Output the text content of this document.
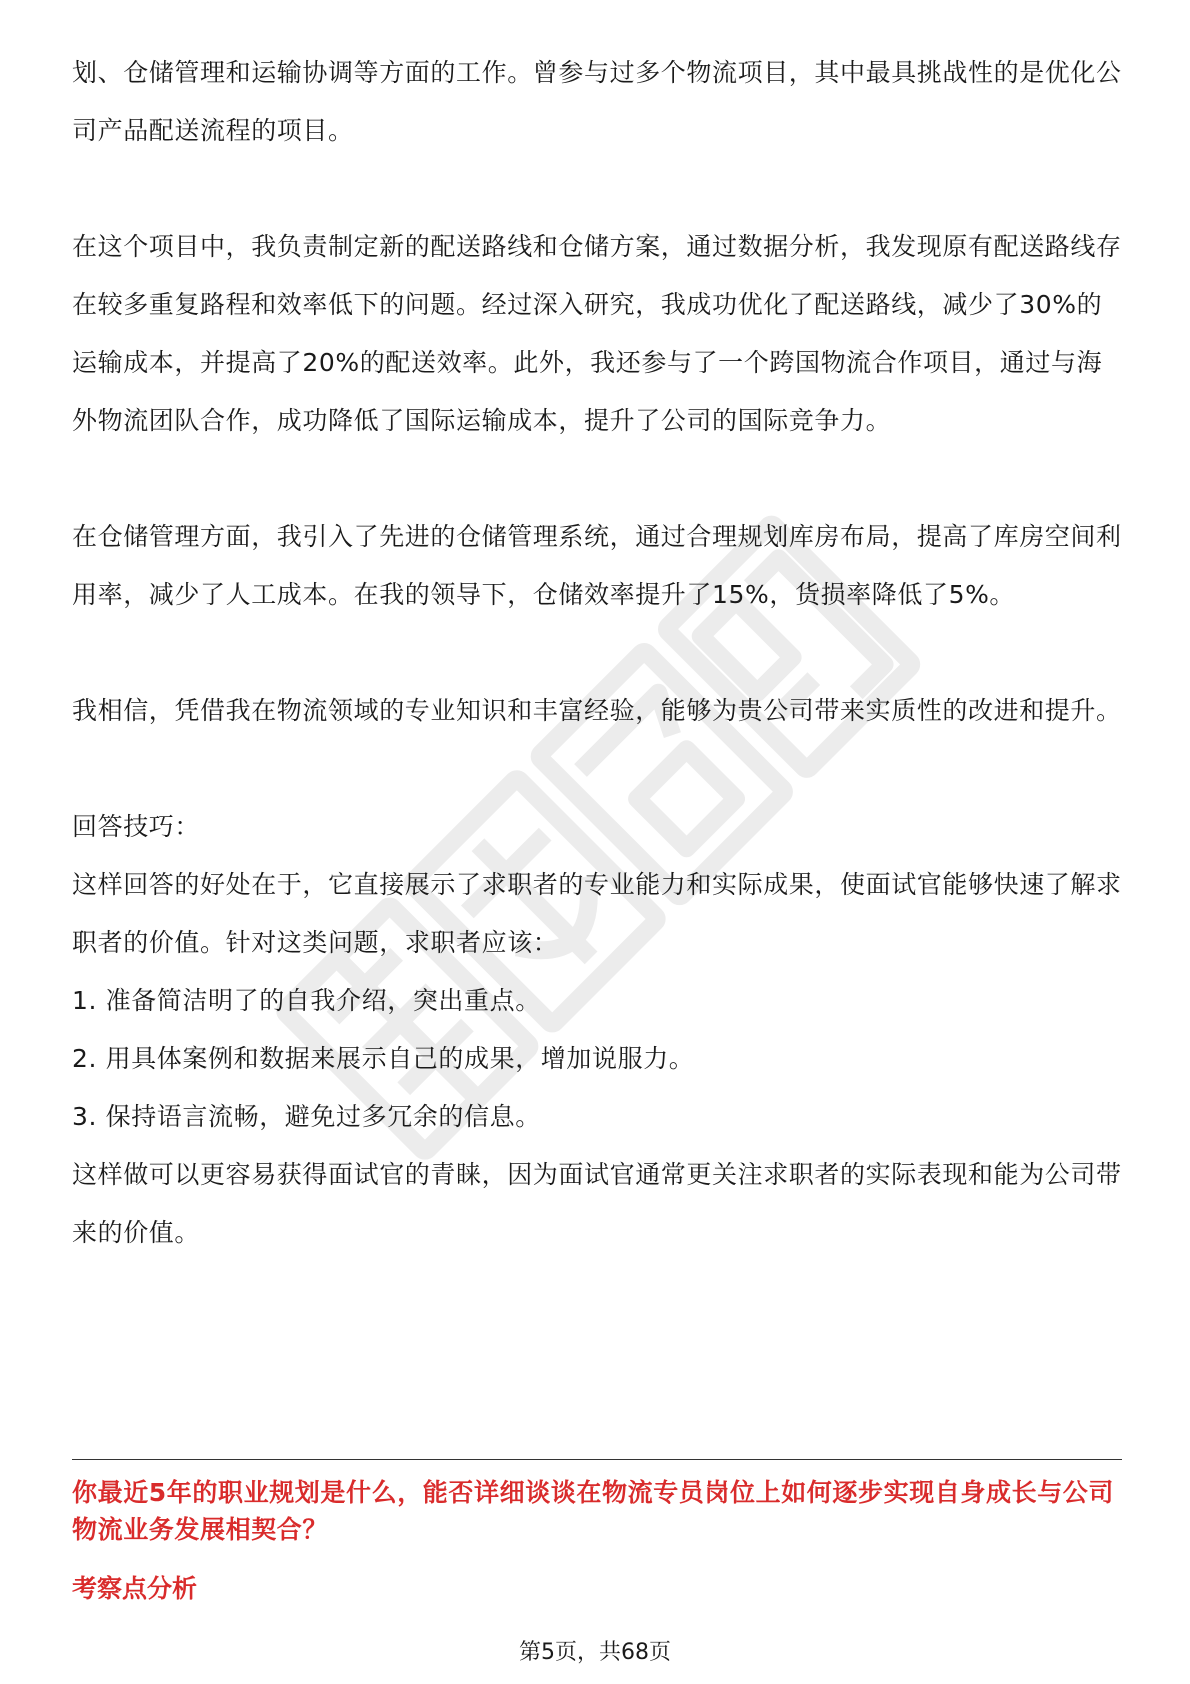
划、仓储管理和运输协调等方面的工作。曾参与过多个物流项目，其中最具挑战性的是优化公司产品配送流程的项目。

在这个项目中，我负责制定新的配送路线和仓储方案，通过数据分析，我发现原有配送路线存在较多重复路程和效率低下的问题。经过深入研究，我成功优化了配送路线，减少了30%的运输成本，并提高了20%的配送效率。此外，我还参与了一个跨国物流合作项目，通过与海外物流团队合作，成功降低了国际运输成本，提升了公司的国际竞争力。

在仓储管理方面，我引入了先进的仓储管理系统，通过合理规划库房布局，提高了库房空间利用率，减少了人工成本。在我的领导下，仓储效率提升了15%，货损率降低了5%。

我相信，凭借我在物流领域的专业知识和丰富经验，能够为贵公司带来实质性的改进和提升。

回答技巧：

这样回答的好处在于，它直接展示了求职者的专业能力和实际成果，使面试官能够快速了解求职者的价值。针对这类问题，求职者应该：

1. 准备简洁明了的自我介绍，突出重点。

2. 用具体案例和数据来展示自己的成果，增加说服力。

3. 保持语言流畅，避免过多冗余的信息。

这样做可以更容易获得面试官的青睐，因为面试官通常更关注求职者的实际表现和能为公司带来的价值。

你最近5年的职业规划是什么，能否详细谈谈在物流专员岗位上如何逐步实现自身成长与公司物流业务发展相契合？

考察点分析

第5页，共68页
